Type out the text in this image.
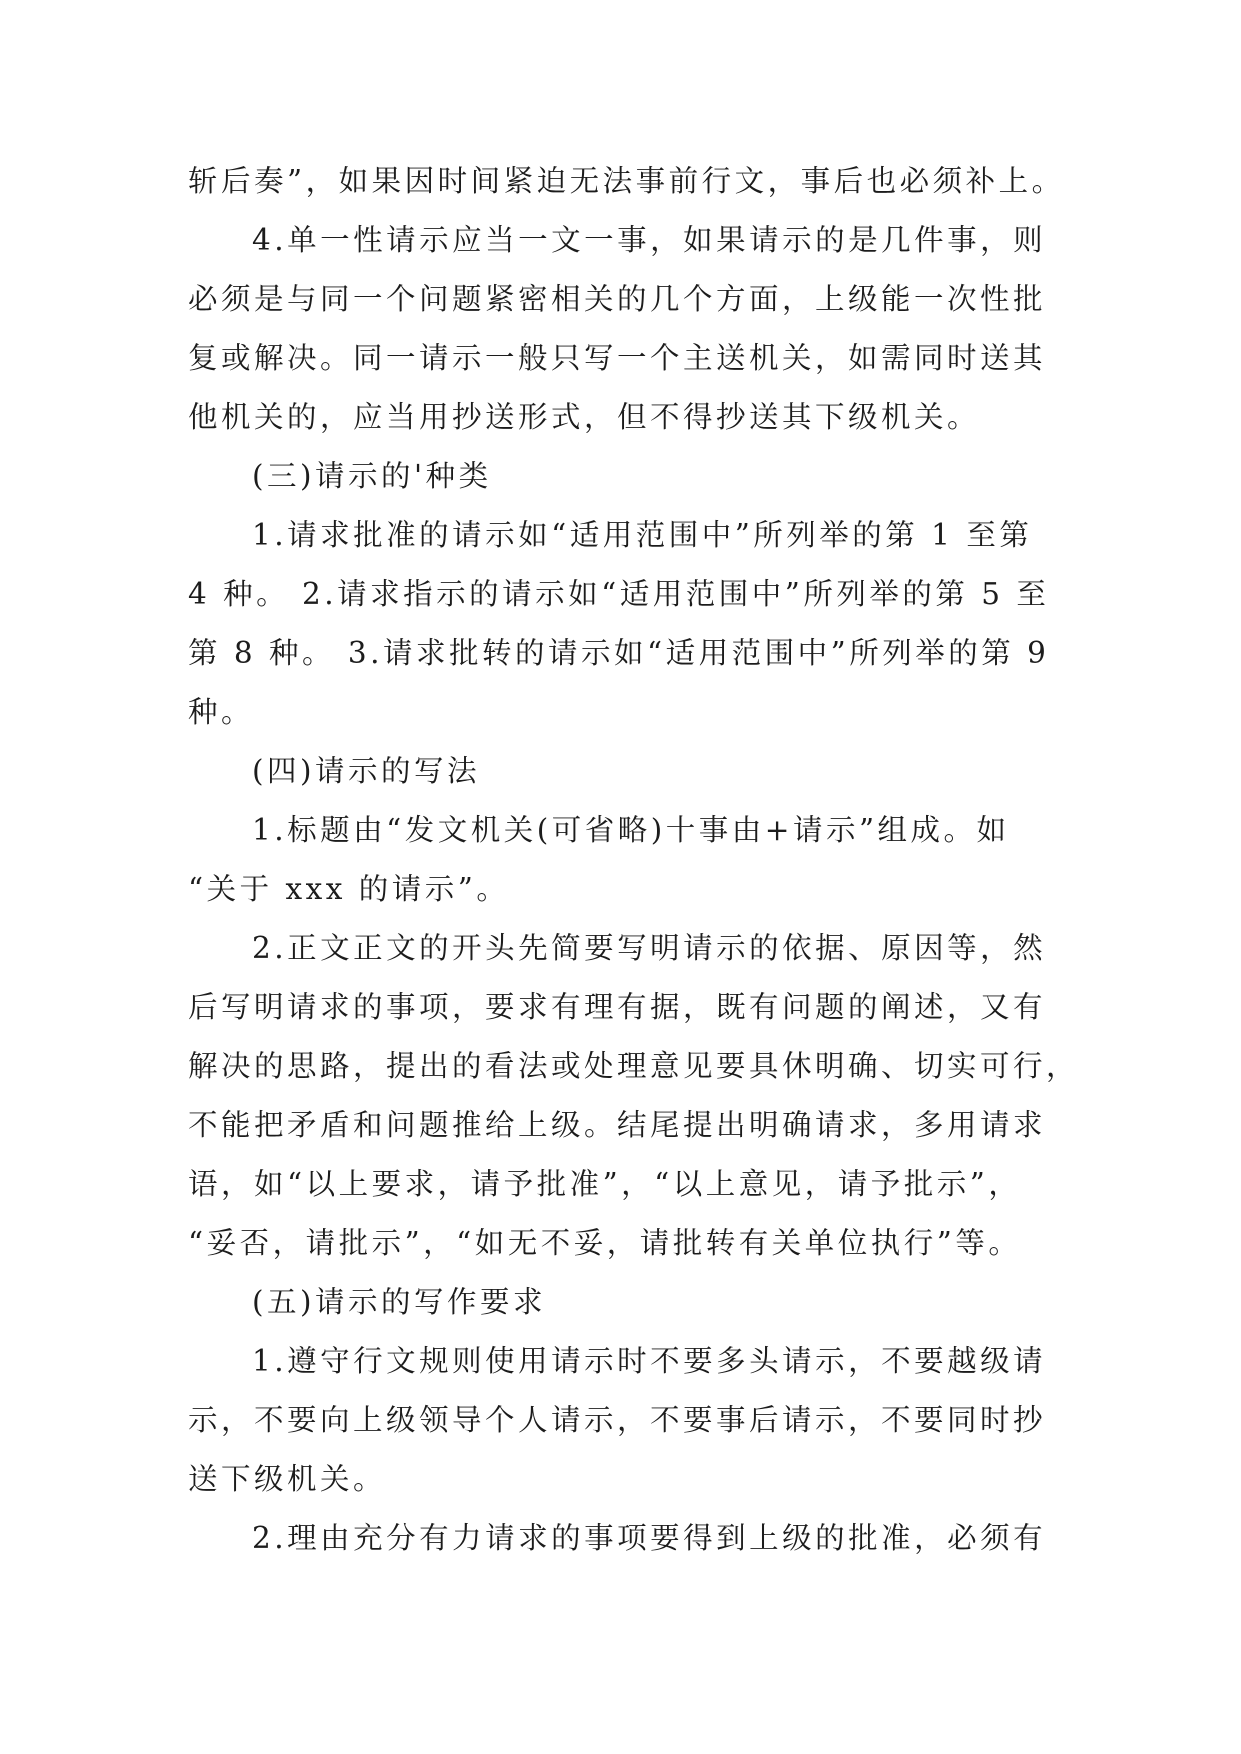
斩后奏”，如果因时间紧迫无法事前行文，事后也必须补上。
4.单一性请示应当一文一事，如果请示的是几件事，则
必须是与同一个问题紧密相关的几个方面，上级能一次性批
复或解决。同一请示一般只写一个主送机关，如需同时送其
他机关的，应当用抄送形式，但不得抄送其下级机关。
(三)请示的'种类
1.请求批准的请示如“适用范围中”所列举的第 1 至第
4 种。 2.请求指示的请示如“适用范围中”所列举的第 5 至
第 8 种。 3.请求批转的请示如“适用范围中”所列举的第 9
种。
(四)请示的写法
1.标题由“发文机关(可省略)十事由+请示”组成。如
“关于 xxx 的请示”。
2.正文正文的开头先简要写明请示的依据、原因等，然
后写明请求的事项，要求有理有据，既有问题的阐述，又有
解决的思路，提出的看法或处理意见要具休明确、切实可行，
不能把矛盾和问题推给上级。结尾提出明确请求，多用请求
语，如“以上要求，请予批准”，“以上意见，请予批示”，
“妥否，请批示”，“如无不妥，请批转有关单位执行”等。
(五)请示的写作要求
1.遵守行文规则使用请示时不要多头请示，不要越级请
示，不要向上级领导个人请示，不要事后请示，不要同时抄
送下级机关。
2.理由充分有力请求的事项要得到上级的批准，必须有
